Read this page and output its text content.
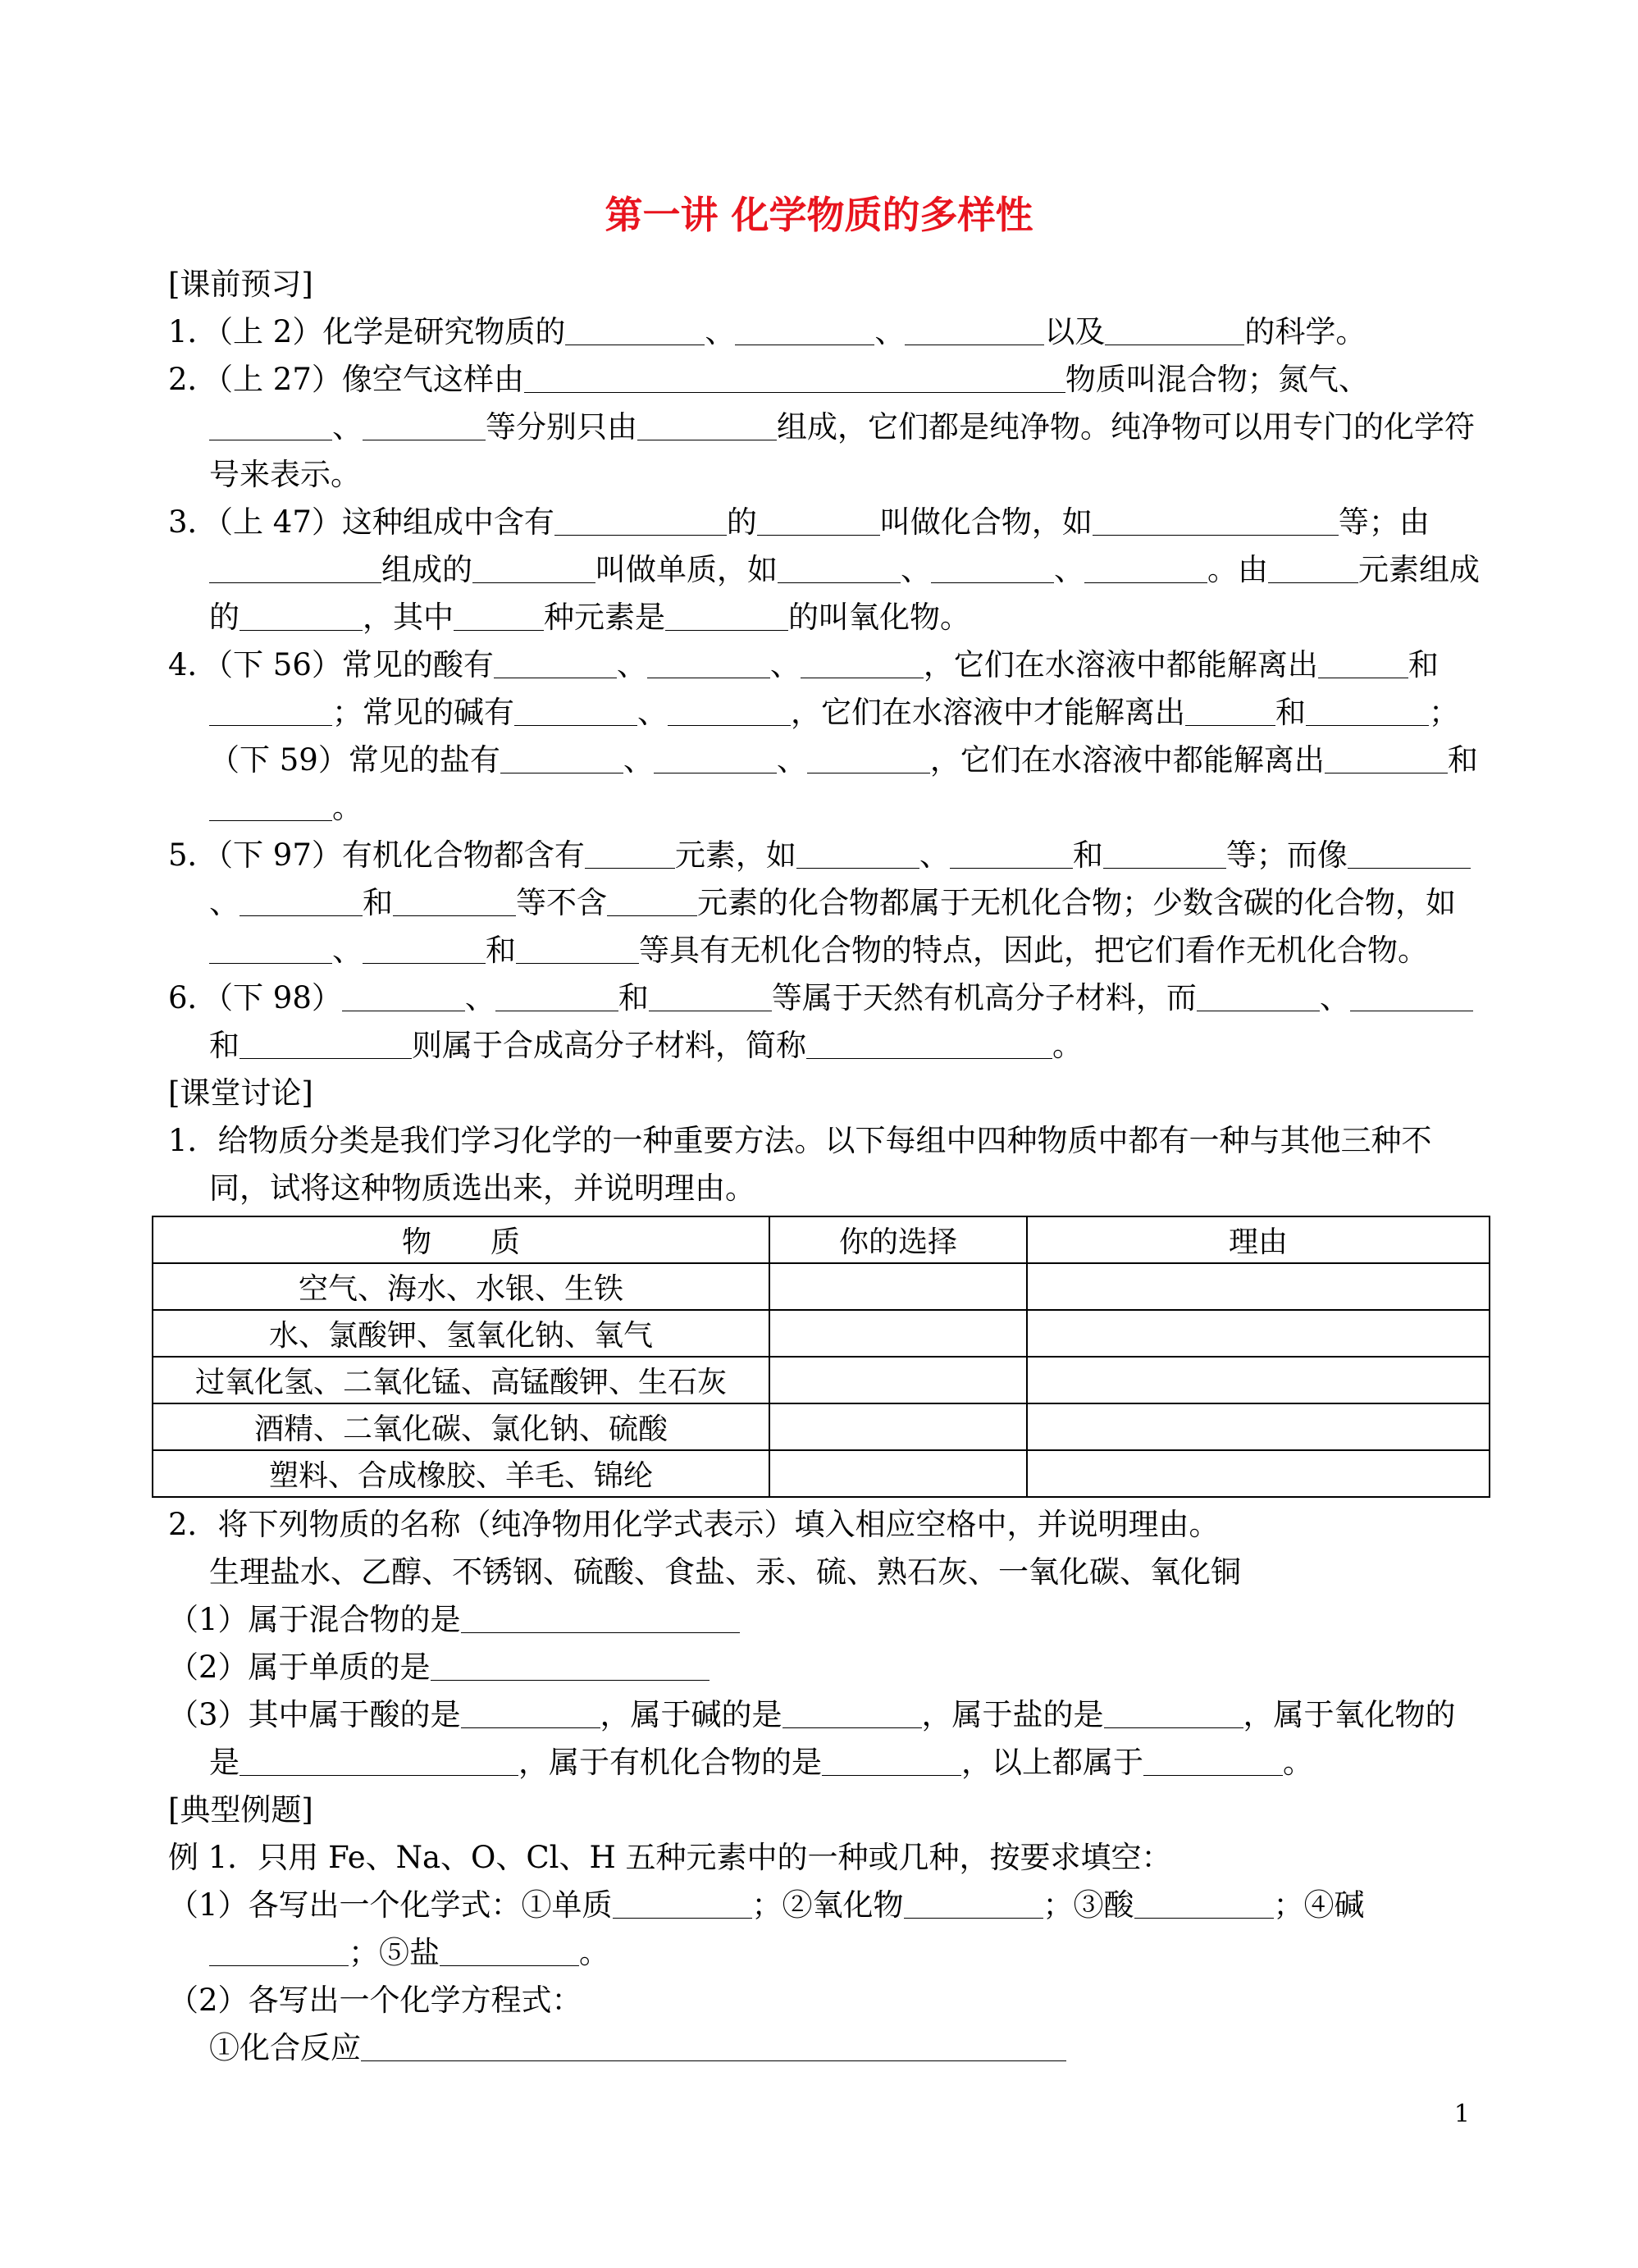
第一讲 化学物质的多样性
[课前预习]
1．（上 2）化学是研究物质的	、	、	以及	的科学。
2．（上 27）像空气这样由	物质叫混合物；氮气、、	等分别只由	组成，它们都是纯净物。纯净物可以用专门的化学符号来表示。
3．（上 47）这种组成中含有	的	叫做化合物，如	等；由组成的	叫做单质，如	、	、	。由	元素组成的	，其中	种元素是	的叫氧化物。
4．（下 56）常见的酸有	、	、	，它们在水溶液中都能解离出	和；常见的碱有	、	，它们在水溶液中才能解离出	和	；（下 59）常见的盐有	、	、	，它们在水溶液中都能解离出	和。
5．（下 97）有机化合物都含有	元素，如	、	和	等；而像、	和	等不含	元素的化合物都属于无机化合物；少数含碳的化合物，如、	和	等具有无机化合物的特点，因此，把它们看作无机化合物。
6．（下 98）	、	和	等属于天然有机高分子材料，而	、和	则属于合成高分子材料，简称	。
[课堂讨论]
1．给物质分类是我们学习化学的一种重要方法。以下每组中四种物质中都有一种与其他三种不同，试将这种物质选出来，并说明理由。
物　　质	你的选择	理由
空气、海水、水银、生铁		
水、氯酸钾、氢氧化钠、氧气		
过氧化氢、二氧化锰、高锰酸钾、生石灰		
酒精、二氧化碳、氯化钠、硫酸		
塑料、合成橡胶、羊毛、锦纶		
2．将下列物质的名称（纯净物用化学式表示）填入相应空格中，并说明理由。
生理盐水、乙醇、不锈钢、硫酸、食盐、汞、硫、熟石灰、一氧化碳、氧化铜
（1）属于混合物的是
（2）属于单质的是
（3）其中属于酸的是	，属于碱的是	，属于盐的是	，属于氧化物的是	，属于有机化合物的是	，以上都属于	。
[典型例题]
例 1．只用 Fe、Na、O、Cl、H 五种元素中的一种或几种，按要求填空：
（1）各写出一个化学式：①单质	；②氧化物	；③酸	；④碱；⑤盐	。
（2）各写出一个化学方程式：
①化合反应
1
